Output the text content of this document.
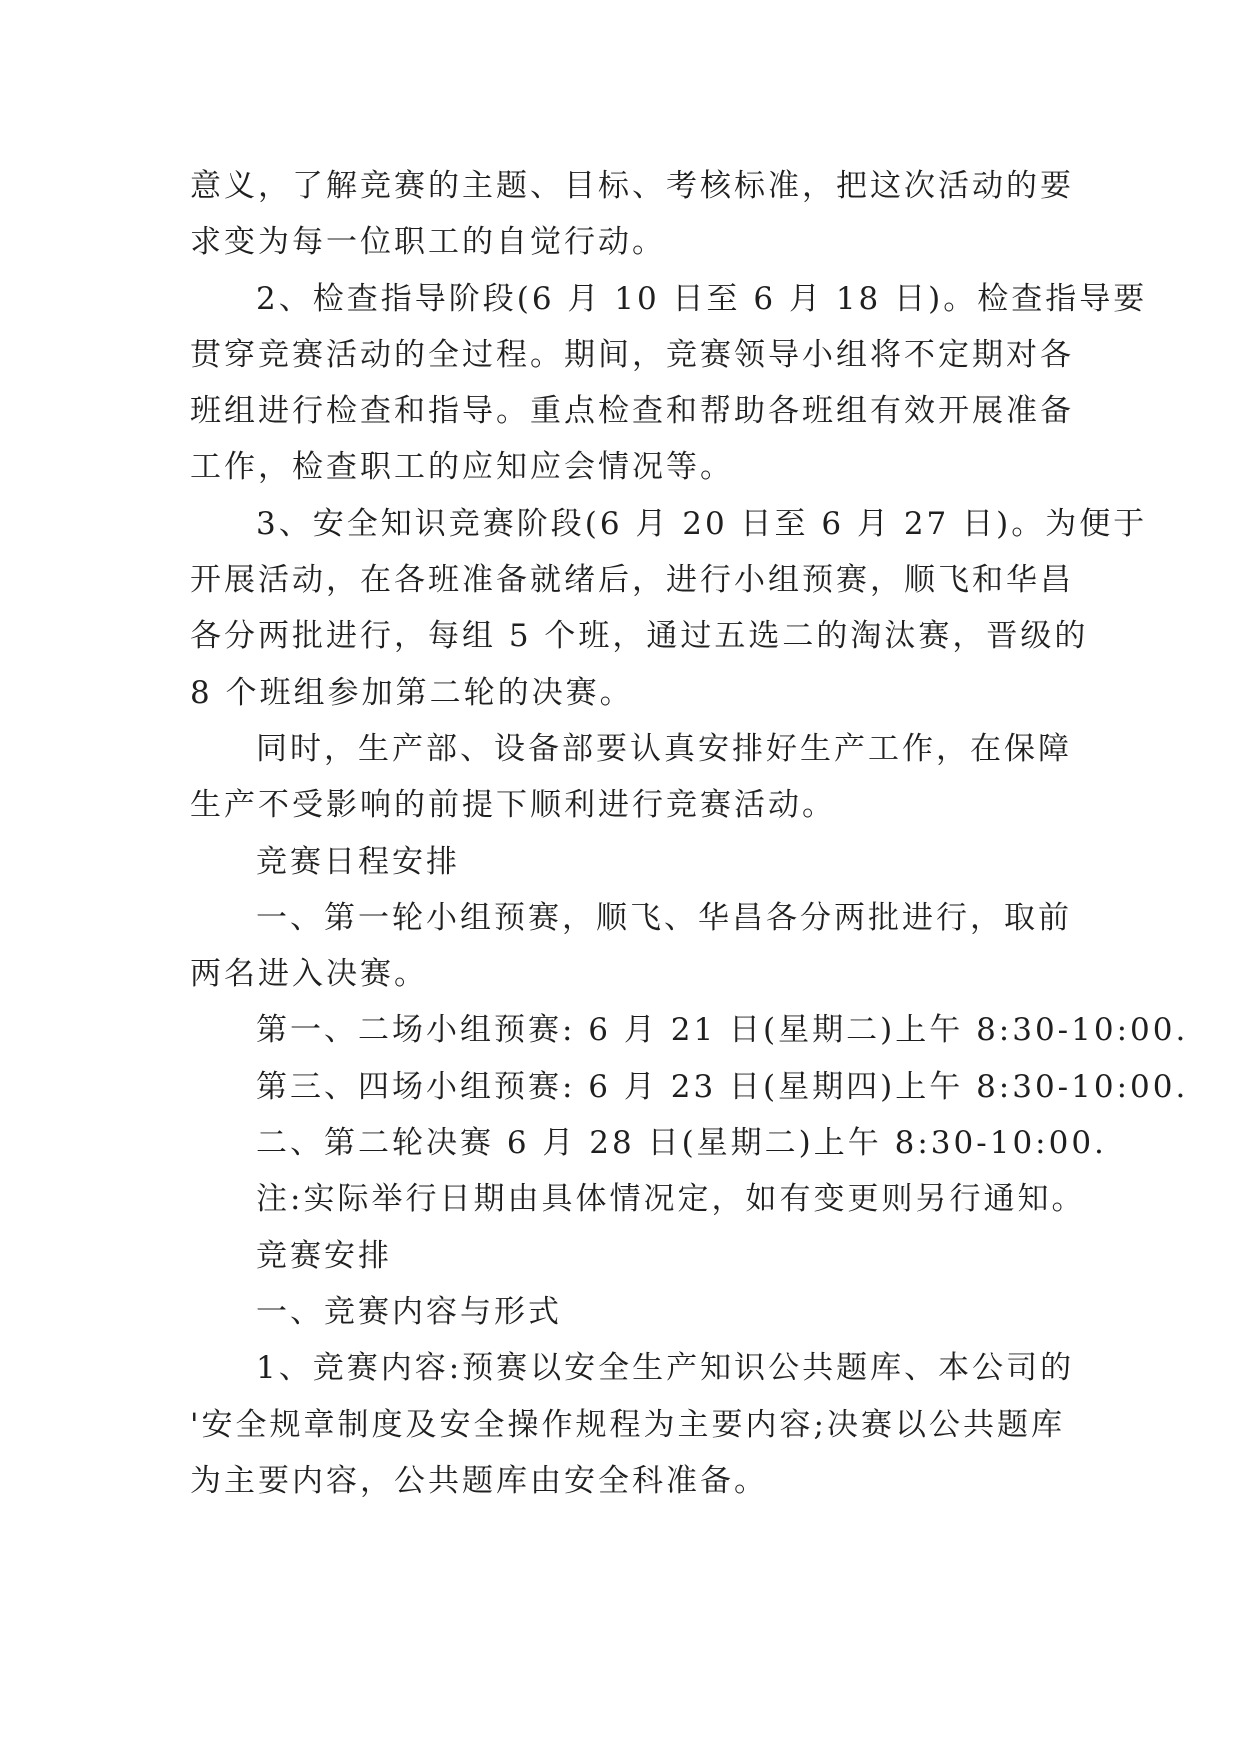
意义，了解竞赛的主题、目标、考核标准，把这次活动的要
求变为每一位职工的自觉行动。
2、检查指导阶段(6 月 10 日至 6 月 18 日)。检查指导要
贯穿竞赛活动的全过程。期间，竞赛领导小组将不定期对各
班组进行检查和指导。重点检查和帮助各班组有效开展准备
工作，检查职工的应知应会情况等。
3、安全知识竞赛阶段(6 月 20 日至 6 月 27 日)。为便于
开展活动，在各班准备就绪后，进行小组预赛，顺飞和华昌
各分两批进行，每组 5 个班，通过五选二的淘汰赛，晋级的
8 个班组参加第二轮的决赛。
同时，生产部、设备部要认真安排好生产工作，在保障
生产不受影响的前提下顺利进行竞赛活动。
竞赛日程安排
一、第一轮小组预赛，顺飞、华昌各分两批进行，取前
两名进入决赛。
第一、二场小组预赛: 6 月 21 日(星期二)上午 8:30-10:00.
第三、四场小组预赛: 6 月 23 日(星期四)上午 8:30-10:00.
二、第二轮决赛 6 月 28 日(星期二)上午 8:30-10:00.
注:实际举行日期由具体情况定，如有变更则另行通知。
竞赛安排
一、竞赛内容与形式
1、竞赛内容:预赛以安全生产知识公共题库、本公司的
'安全规章制度及安全操作规程为主要内容;决赛以公共题库
为主要内容，公共题库由安全科准备。
